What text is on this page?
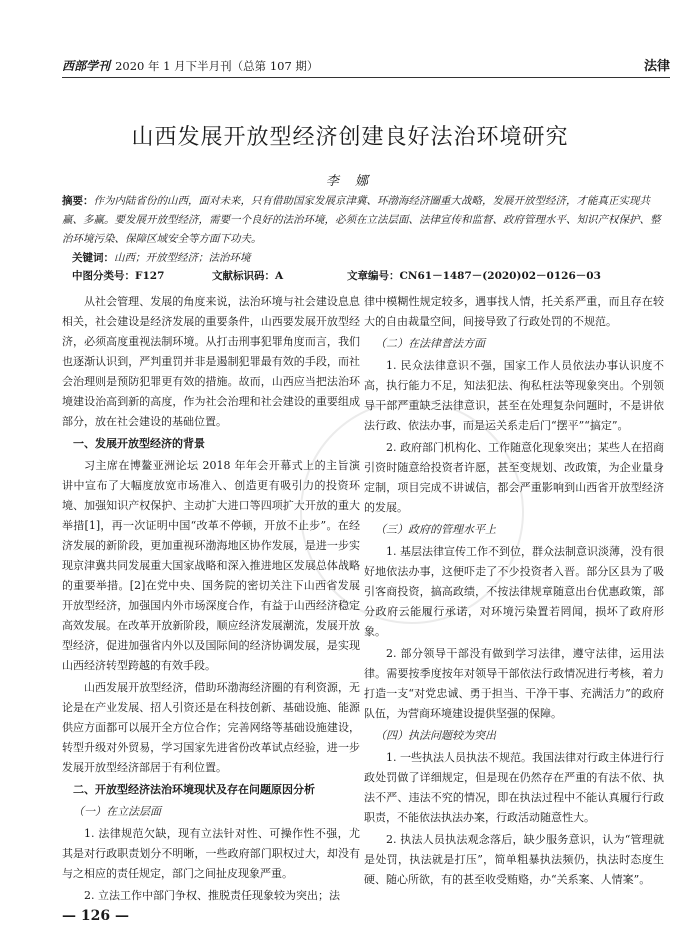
西部学刊 2020 年 1 月下半月刊（总第 107 期）	法律
山西发展开放型经济创建良好法治环境研究
李 娜
摘要：作为内陆省份的山西，面对未来，只有借助国家发展京津冀、环渤海经济圈重大战略，发展开放型经济，才能真正实现共赢、多赢。要发展开放型经济，需要一个良好的法治环境，必须在立法层面、法律宣传和监督、政府管理水平、知识产权保护、整治环境污染、保障区域安全等方面下功夫。
关键词：山西；开放型经济；法治环境
中图分类号：F127	文献标识码：A	文章编号：CN61－1487－(2020)02－0126－03

从社会管理、发展的角度来说，法治环境与社会建设息息相关，社会建设是经济发展的重要条件，山西要发展开放型经济，必须高度重视法制环境。从打击刑事犯罪角度而言，我们也逐渐认识到，严判重罚并非是遏制犯罪最有效的手段，而社会治理则是预防犯罪更有效的措施。故而，山西应当把法治环境建设治高到新的高度，作为社会治理和社会建设的重要组成部分，放在社会建设的基础位置。

一、发展开放型经济的背景

习主席在博鳌亚洲论坛 2018 年年会开幕式上的主旨演讲中宣布了大幅度放宽市场准入、创造更有吸引力的投资环境、加强知识产权保护、主动扩大进口等四项扩大开放的重大举措[1]，再一次证明中国“改革不停顿，开放不止步”。在经济发展的新阶段，更加重视环渤海地区协作发展，是进一步实现京津冀共同发展重大国家战略和深入推进地区发展总体战略的重要举措。[2]在党中央、国务院的密切关注下山西省发展开放型经济，加强国内外市场深度合作，有益于山西经济稳定高效发展。在改革开放新阶段，顺应经济发展潮流，发展开放型经济，促进加强省内外以及国际间的经济协调发展，是实现山西经济转型跨越的有效手段。

山西发展开放型经济，借助环渤海经济圈的有利资源，无论是在产业发展、招人引资还是在科技创新、基础设施、能源供应方面都可以展开全方位合作；完善网络等基础设施建设，转型升级对外贸易，学习国家先进省份改革试点经验，进一步发展开放型经济部居于有利位置。

二、开放型经济法治环境现状及存在问题原因分析

（一）在立法层面

1. 法律规范欠缺，现有立法针对性、可操作性不强，尤其是对行政职责划分不明晰，一些政府部门职权过大，却没有与之相应的责任规定，部门之间扯皮现象严重。

2. 立法工作中部门争权、推脱责任现象较为突出；法

律中模糊性规定较多，遇事找人情，托关系严重，而且存在较大的自由裁量空间，间接导致了行政处罚的不规范。

（二）在法律普法方面

1. 民众法律意识不强，国家工作人员依法办事认识度不高，执行能力不足，知法犯法、徇私枉法等现象突出。个别领导干部严重缺乏法律意识，甚至在处理复杂问题时，不是讲依法行政、依法办事，而是运关系走后门“摆平”“搞定”。

2. 政府部门机构化、工作随意化现象突出；某些人在招商引资时随意给投资者许愿，甚至变规划、改政策，为企业量身定制，项目完成不讲诚信，都会严重影响到山西省开放型经济的发展。

（三）政府的管理水平上

1. 基层法律宣传工作不到位，群众法制意识淡薄，没有很好地依法办事，这便吓走了不少投资者入晋。部分区县为了吸引客商投资，搞高政绩，不按法律规章随意出台优惠政策，部分政府云能履行承诺，对环境污染置若罔闻，损坏了政府形象。

2. 部分领导干部没有做到学习法律，遵守法律，运用法律。需要按季度按年对领导干部依法行政情况进行考核，着力打造一支“对党忠诚、勇于担当、干净干事、充满活力”的政府队伍，为营商环境建设提供坚强的保障。

（四）执法问题较为突出

1. 一些执法人员执法不规范。我国法律对行政主体进行行政处罚做了详细规定，但是现在仍然存在严重的有法不依、执法不严、违法不究的情况，即在执法过程中不能认真履行行政职责，不能依法执法办案，行政活动随意性大。

2. 执法人员执法观念落后，缺少服务意识，认为“管理就是处罚，执法就是打压”，简单粗暴执法频仍，执法时态度生硬、随心所欲，有的甚至收受贿赂，办“关系案、人情案”。

— 126 —
